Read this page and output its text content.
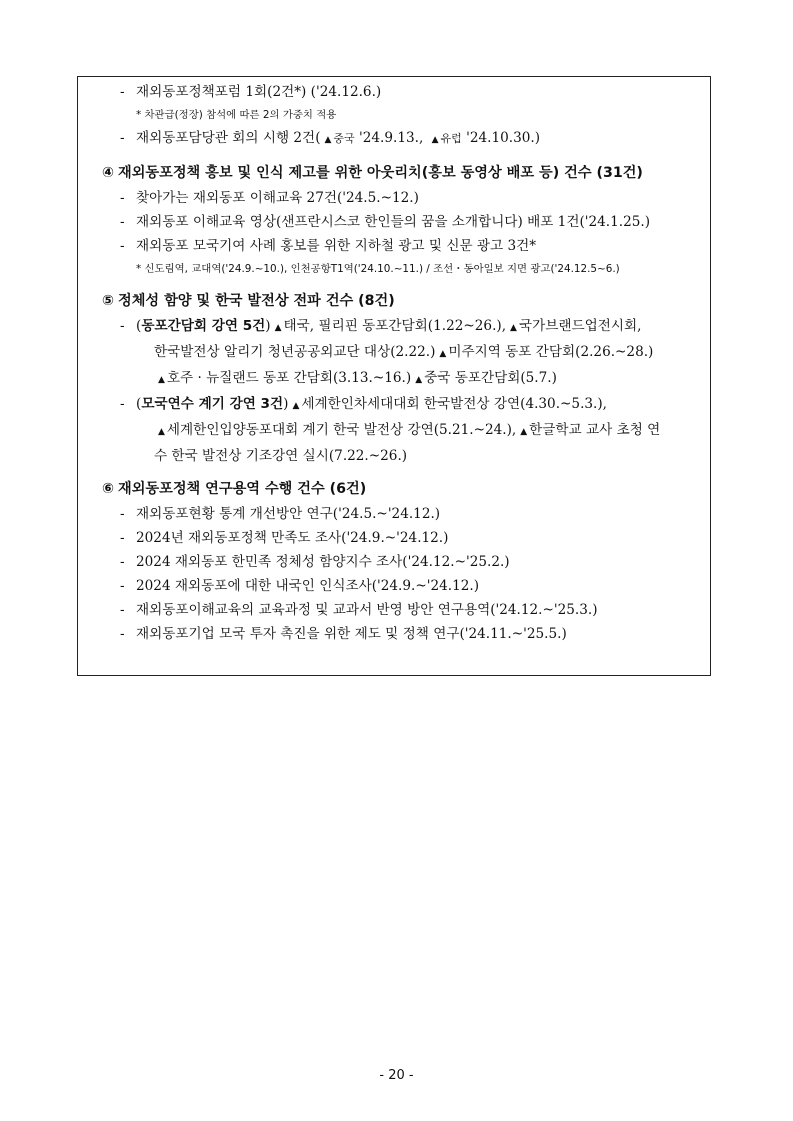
- 재외동포정책포럼 1회(2건*) ('24.12.6.)
* 차관급(정장) 참석에 따른 2의 가중치 적용
- 재외동포담당관 회의 시행 2건( ▲ 중국 '24.9.13., ▲ 유럽 '24.10.30.)
④ 재외동포정책 홍보 및 인식 제고를 위한 아웃리치(홍보 동영상 배포 등) 건수 (31건)
- 찾아가는 재외동포 이해교육 27건('24.5.~12.)
- 재외동포 이해교육 영상(샌프란시스코 한인들의 꿈을 소개합니다) 배포 1건('24.1.25.)
- 재외동포 모국기여 사례 홍보를 위한 지하철 광고 및 신문 광고 3건*
* 신도림역, 교대역('24.9.~10.), 인천공항T1역('24.10.~11.) / 조선・동아일보 지면 광고('24.12.5~6.)
⑤ 정체성 함양 및 한국 발전상 전파 건수 (8건)
- (동포간담회 강연 5건) ▲ 태국, 필리핀 동포간담회(1.22~26.), ▲ 국가브랜드업전시회,
한국발전상 알리기 청년공공외교단 대상(2.22.) ▲ 미주지역 동포 간담회(2.26.~28.)
▲ 호주 · 뉴질랜드 동포 간담회(3.13.~16.) ▲ 중국 동포간담회(5.7.)
- (모국연수 계기 강연 3건) ▲ 세계한인차세대대회 한국발전상 강연(4.30.~5.3.),
▲ 세계한인입양동포대회 계기 한국 발전상 강연(5.21.~24.), ▲ 한글학교 교사 초청 연
수 한국 발전상 기조강연 실시(7.22.~26.)
⑥ 재외동포정책 연구용역 수행 건수 (6건)
- 재외동포현황 통계 개선방안 연구('24.5.~'24.12.)
- 2024년 재외동포정책 만족도 조사('24.9.~'24.12.)
- 2024 재외동포 한민족 정체성 함양지수 조사('24.12.~'25.2.)
- 2024 재외동포에 대한 내국인 인식조사('24.9.~'24.12.)
- 재외동포이해교육의 교육과정 및 교과서 반영 방안 연구용역('24.12.~'25.3.)
- 재외동포기업 모국 투자 촉진을 위한 제도 및 정책 연구('24.11.~'25.5.)
- 20 -
